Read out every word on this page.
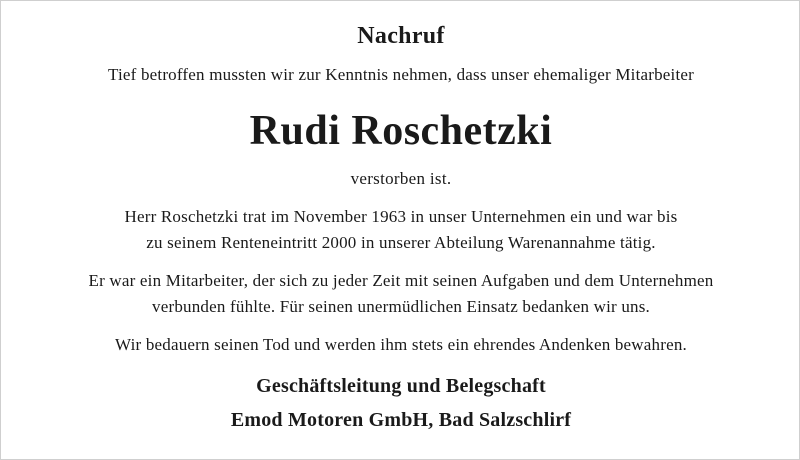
Nachruf

Tief betroffen mussten wir zur Kenntnis nehmen, dass unser ehemaliger Mitarbeiter

Rudi Roschetzki

verstorben ist.

Herr Roschetzki trat im November 1963 in unser Unternehmen ein und war bis

zu seinem Renteneintritt 2000 in unserer Abteilung Warenannahme tätig.

Er war ein Mitarbeiter, der sich zu jeder Zeit mit seinen Aufgaben und dem Unternehmen

verbunden fühlte. Für seinen unermüdlichen Einsatz bedanken wir uns.

Wir bedauern seinen Tod und werden ihm stets ein ehrendes Andenken bewahren.

Geschäftsleitung und Belegschaft

Emod Motoren GmbH, Bad Salzschlirf
